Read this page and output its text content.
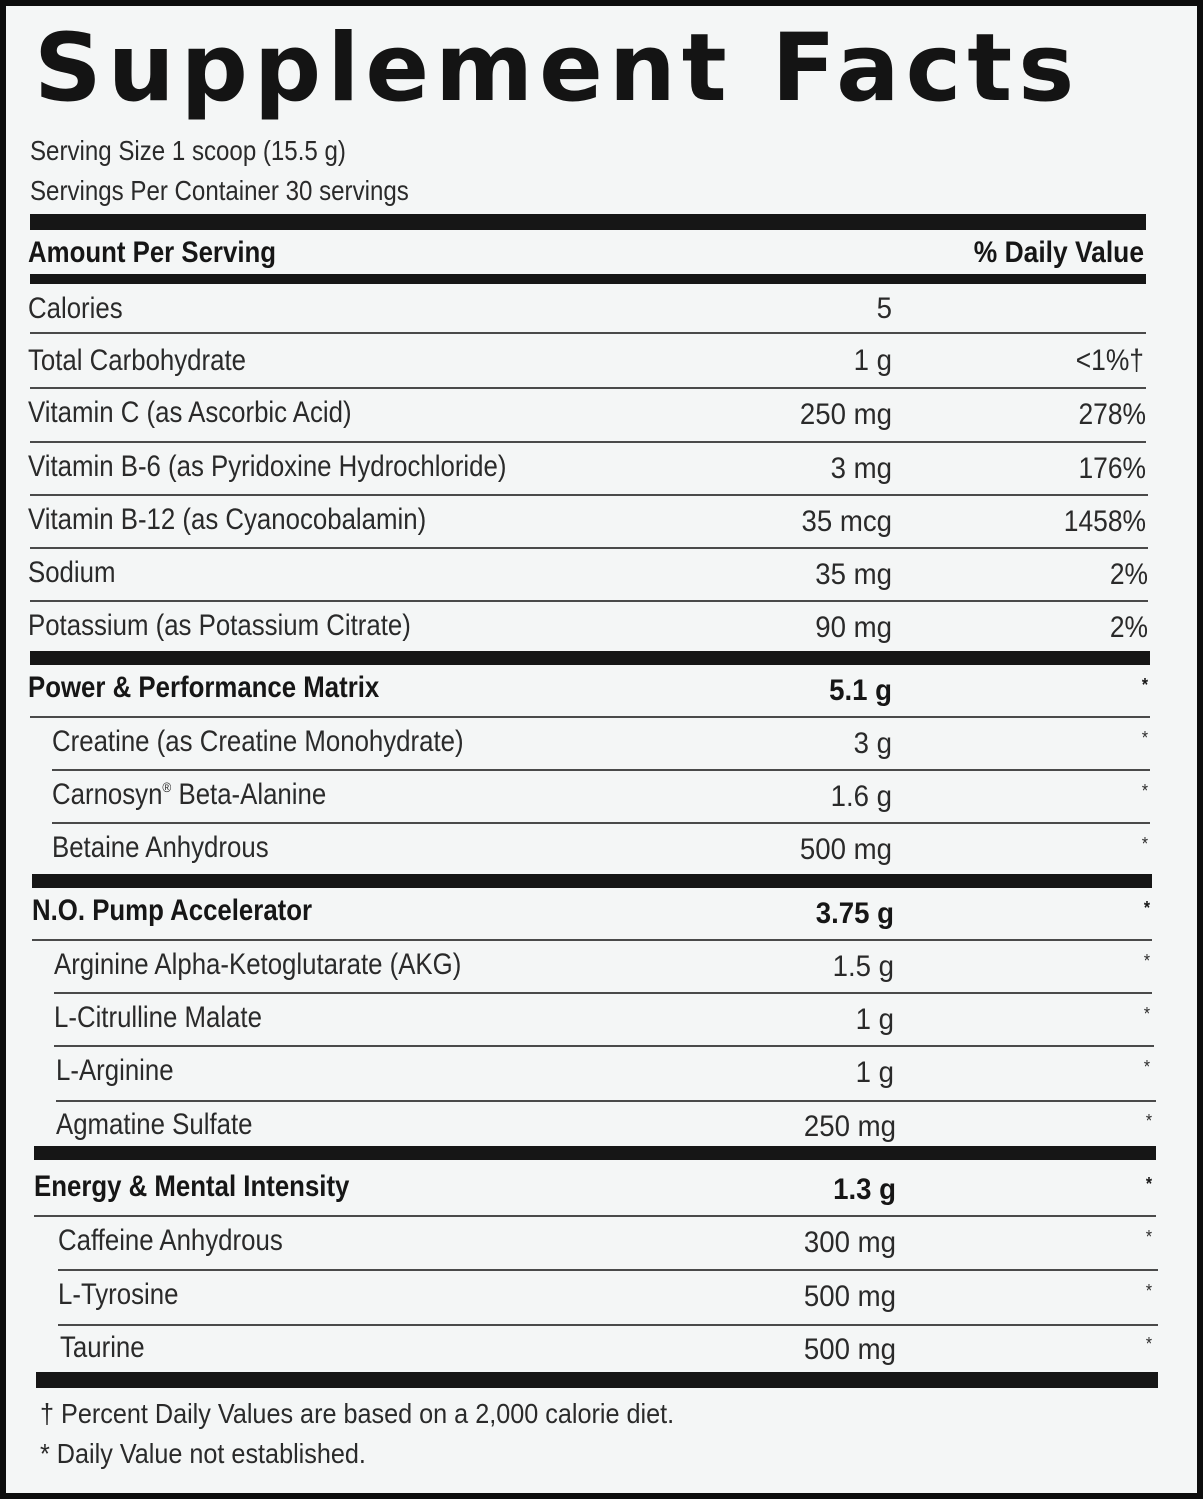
Supplement Facts
Serving Size 1 scoop (15.5 g)
Servings Per Container 30 servings
Amount Per Serving	% Daily Value
Calories	5
Total Carbohydrate	1 g	<1%†
Vitamin C (as Ascorbic Acid)	250 mg	278%
Vitamin B-6 (as Pyridoxine Hydrochloride)	3 mg	176%
Vitamin B-12 (as Cyanocobalamin)	35 mcg	1458%
Sodium	35 mg	2%
Potassium (as Potassium Citrate)	90 mg	2%
Power & Performance Matrix	5.1 g	*
Creatine (as Creatine Monohydrate)	3 g	*
Carnosyn® Beta-Alanine	1.6 g	*
Betaine Anhydrous	500 mg	*
N.O. Pump Accelerator	3.75 g	*
Arginine Alpha-Ketoglutarate (AKG)	1.5 g	*
L-Citrulline Malate	1 g	*
L-Arginine	1 g	*
Agmatine Sulfate	250 mg	*
Energy & Mental Intensity	1.3 g	*
Caffeine Anhydrous	300 mg	*
L-Tyrosine	500 mg	*
Taurine	500 mg	*
† Percent Daily Values are based on a 2,000 calorie diet.
* Daily Value not established.
